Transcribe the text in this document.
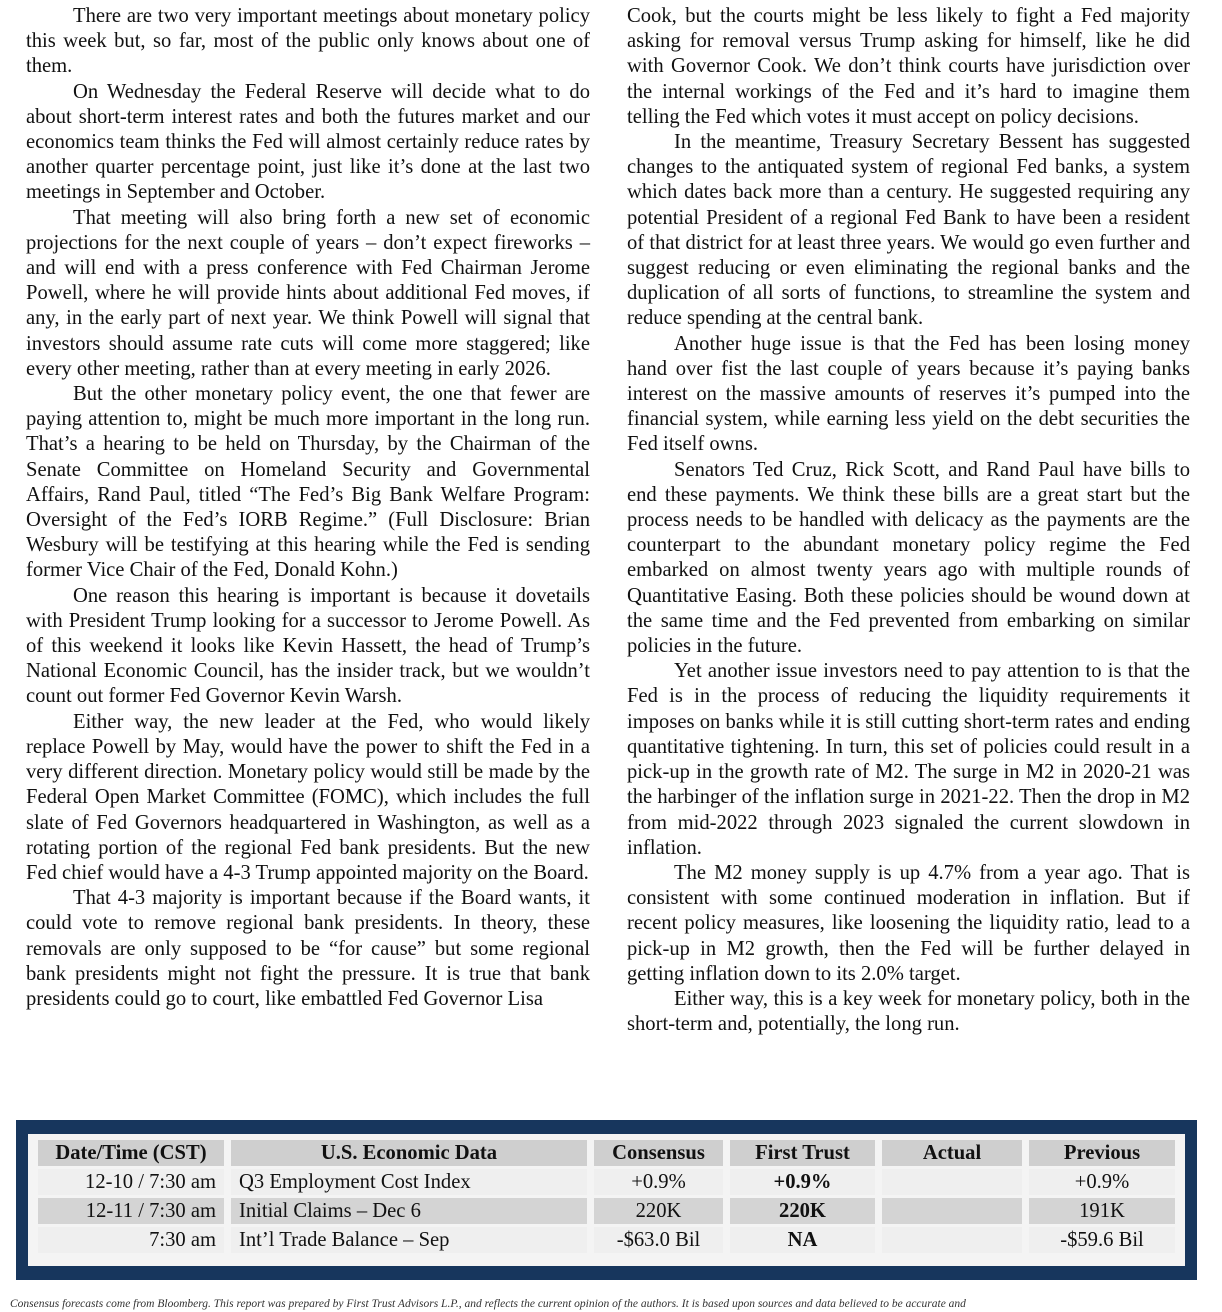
There are two very important meetings about monetary policy this week but, so far, most of the public only knows about one of them.

On Wednesday the Federal Reserve will decide what to do about short-term interest rates and both the futures market and our economics team thinks the Fed will almost certainly reduce rates by another quarter percentage point, just like it’s done at the last two meetings in September and October.

That meeting will also bring forth a new set of economic projections for the next couple of years – don’t expect fireworks – and will end with a press conference with Fed Chairman Jerome Powell, where he will provide hints about additional Fed moves, if any, in the early part of next year. We think Powell will signal that investors should assume rate cuts will come more staggered; like every other meeting, rather than at every meeting in early 2026.

But the other monetary policy event, the one that fewer are paying attention to, might be much more important in the long run. That’s a hearing to be held on Thursday, by the Chairman of the Senate Committee on Homeland Security and Governmental Affairs, Rand Paul, titled “The Fed’s Big Bank Welfare Program: Oversight of the Fed’s IORB Regime.” (Full Disclosure: Brian Wesbury will be testifying at this hearing while the Fed is sending former Vice Chair of the Fed, Donald Kohn.)

One reason this hearing is important is because it dovetails with President Trump looking for a successor to Jerome Powell. As of this weekend it looks like Kevin Hassett, the head of Trump’s National Economic Council, has the insider track, but we wouldn’t count out former Fed Governor Kevin Warsh.

Either way, the new leader at the Fed, who would likely replace Powell by May, would have the power to shift the Fed in a very different direction. Monetary policy would still be made by the Federal Open Market Committee (FOMC), which includes the full slate of Fed Governors headquartered in Washington, as well as a rotating portion of the regional Fed bank presidents. But the new Fed chief would have a 4-3 Trump appointed majority on the Board.

That 4-3 majority is important because if the Board wants, it could vote to remove regional bank presidents. In theory, these removals are only supposed to be “for cause” but some regional bank presidents might not fight the pressure. It is true that bank presidents could go to court, like embattled Fed Governor Lisa

Cook, but the courts might be less likely to fight a Fed majority asking for removal versus Trump asking for himself, like he did with Governor Cook. We don’t think courts have jurisdiction over the internal workings of the Fed and it’s hard to imagine them telling the Fed which votes it must accept on policy decisions.

In the meantime, Treasury Secretary Bessent has suggested changes to the antiquated system of regional Fed banks, a system which dates back more than a century. He suggested requiring any potential President of a regional Fed Bank to have been a resident of that district for at least three years. We would go even further and suggest reducing or even eliminating the regional banks and the duplication of all sorts of functions, to streamline the system and reduce spending at the central bank.

Another huge issue is that the Fed has been losing money hand over fist the last couple of years because it’s paying banks interest on the massive amounts of reserves it’s pumped into the financial system, while earning less yield on the debt securities the Fed itself owns.

Senators Ted Cruz, Rick Scott, and Rand Paul have bills to end these payments. We think these bills are a great start but the process needs to be handled with delicacy as the payments are the counterpart to the abundant monetary policy regime the Fed embarked on almost twenty years ago with multiple rounds of Quantitative Easing. Both these policies should be wound down at the same time and the Fed prevented from embarking on similar policies in the future.

Yet another issue investors need to pay attention to is that the Fed is in the process of reducing the liquidity requirements it imposes on banks while it is still cutting short-term rates and ending quantitative tightening. In turn, this set of policies could result in a pick-up in the growth rate of M2. The surge in M2 in 2020-21 was the harbinger of the inflation surge in 2021-22. Then the drop in M2 from mid-2022 through 2023 signaled the current slowdown in inflation.

The M2 money supply is up 4.7% from a year ago. That is consistent with some continued moderation in inflation. But if recent policy measures, like loosening the liquidity ratio, lead to a pick-up in M2 growth, then the Fed will be further delayed in getting inflation down to its 2.0% target.

Either way, this is a key week for monetary policy, both in the short-term and, potentially, the long run.

Date/Time (CST)	U.S. Economic Data	Consensus	First Trust	Actual	Previous
12-10 / 7:30 am	Q3 Employment Cost Index	+0.9%	+0.9%		+0.9%
12-11 / 7:30 am	Initial Claims – Dec 6	220K	220K		191K
7:30 am	Int’l Trade Balance – Sep	-$63.0 Bil	NA		-$59.6 Bil
Consensus forecasts come from Bloomberg. This report was prepared by First Trust Advisors L.P., and reflects the current opinion of the authors. It is based upon sources and data believed to be accurate and
